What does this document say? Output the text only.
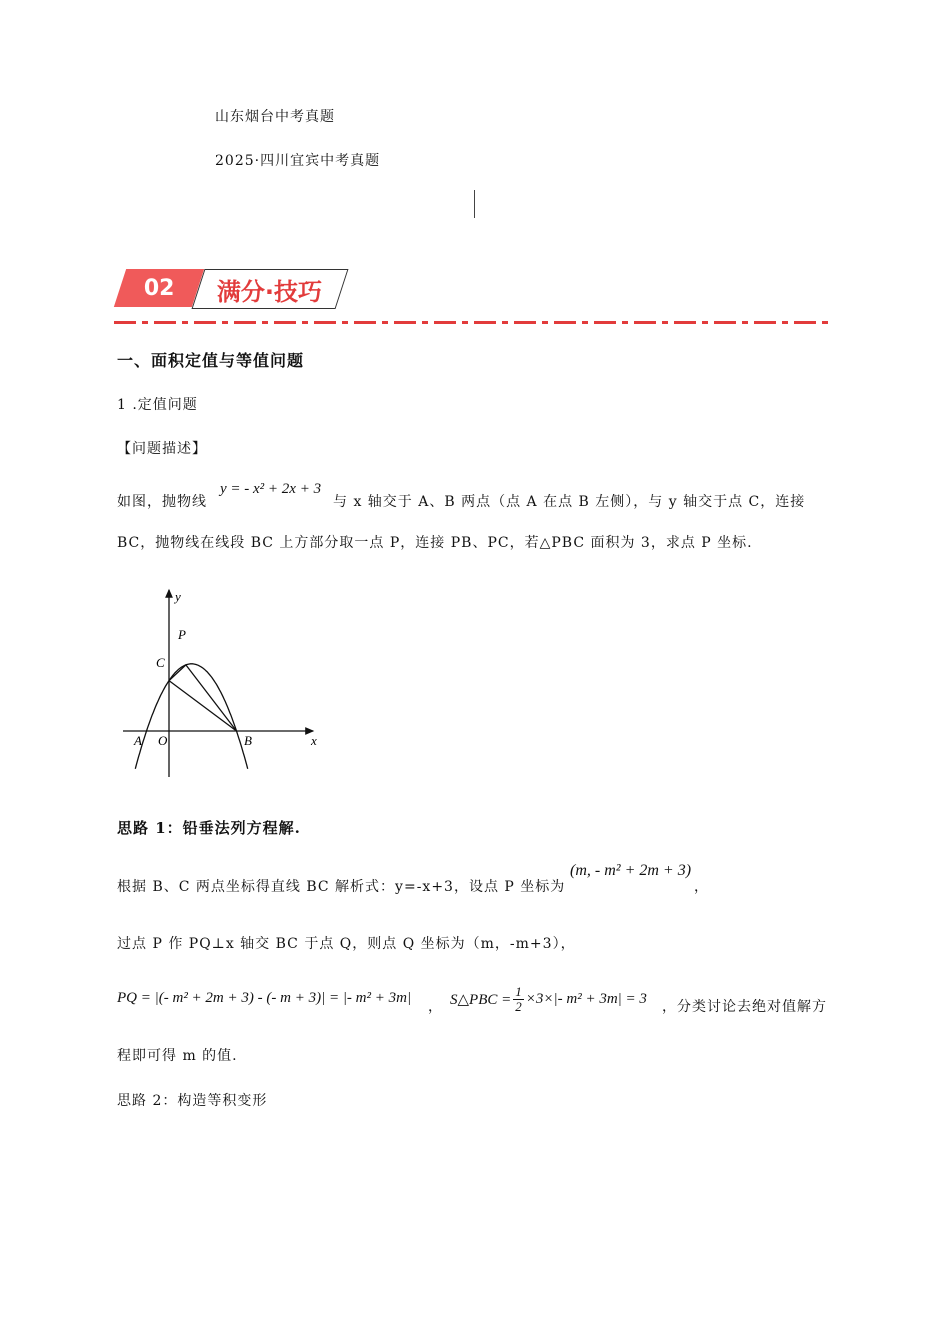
山东烟台中考真题
2025·四川宜宾中考真题
02 满分·技巧
一、面积定值与等值问题
1 .定值问题
【问题描述】
如图，抛物线
y = - x² + 2x + 3
与 x 轴交于 A、B 两点（点 A 在点 B 左侧），与 y 轴交于点 C，连接
BC，抛物线在线段 BC 上方部分取一点 P，连接 PB、PC，若△PBC 面积为 3，求点 P 坐标.
y
x
P
C
A O	B
思路 1：铅垂法列方程解.
根据 B、C 两点坐标得直线 BC 解析式：y=-x+3，设点 P 坐标为
(m, - m² + 2m + 3)
，
过点 P 作 PQ⊥x 轴交 BC 于点 Q，则点 Q 坐标为（m，-m+3），
PQ = |(- m² + 2m + 3) - (- m + 3)| = |- m² + 3m|
， S△PBC = $\frac{1}{2} \times 3\times|-$ m² + 3m| = 3 ，分类讨论去绝对值解方
程即可得 m 的值.
思路 2：构造等积变形
